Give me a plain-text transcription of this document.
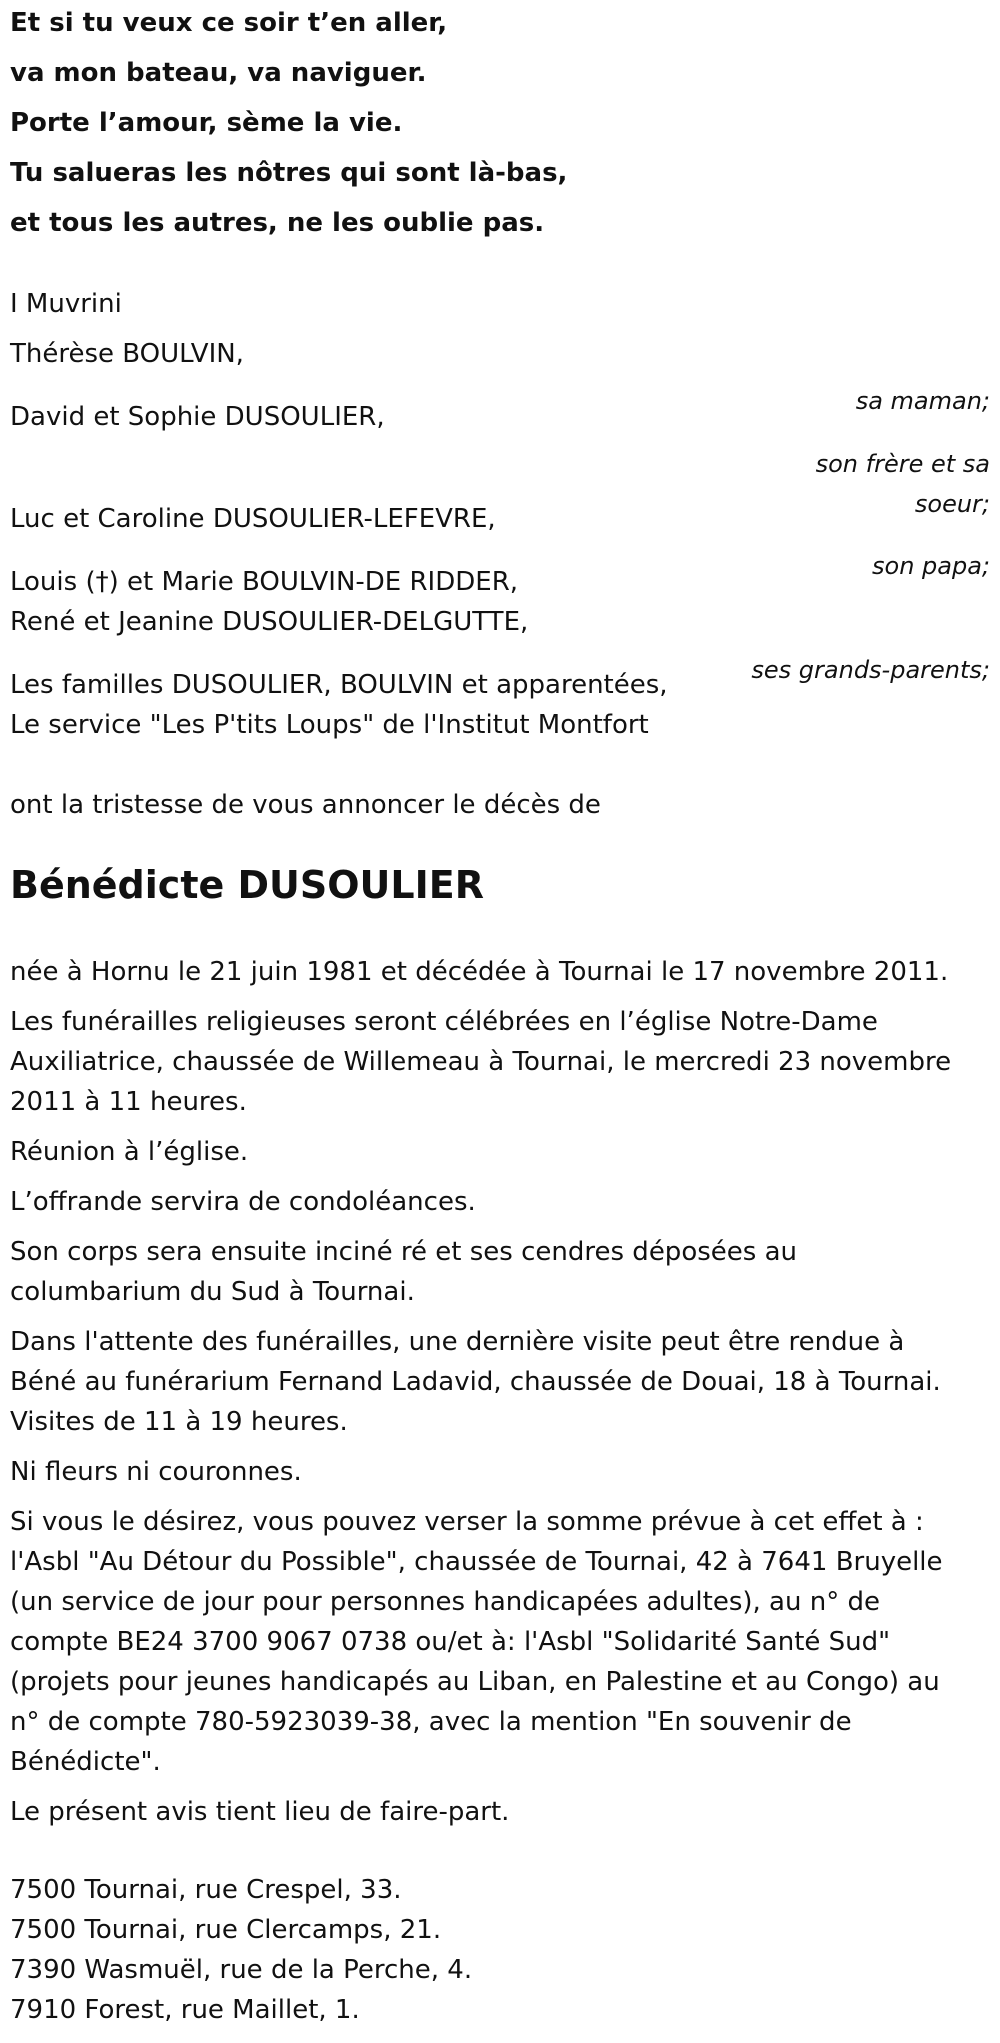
Et si tu veux ce soir t’en aller,

va mon bateau, va naviguer.

Porte l’amour, sème la vie.

Tu salueras les nôtres qui sont là-bas,

et tous les autres, ne les oublie pas.

I Muvrini

Thérèse BOULVIN,

sa maman;

David et Sophie DUSOULIER,

son frère et sa

soeur;

Luc et Caroline DUSOULIER-LEFEVRE,

son papa;

Louis (†) et Marie BOULVIN-DE RIDDER,

René et Jeanine DUSOULIER-DELGUTTE,

ses grands-parents;

Les familles DUSOULIER, BOULVIN et apparentées,

Le service "Les P'tits Loups" de l'Institut Montfort

ont la tristesse de vous annoncer le décès de

Bénédicte DUSOULIER

née à Hornu le 21 juin 1981 et décédée à Tournai le 17 novembre 2011.

Les funérailles religieuses seront célébrées en l’église Notre-Dame

Auxiliatrice, chaussée de Willemeau à Tournai, le mercredi 23 novembre

2011 à 11 heures.

Réunion à l’église.

L’offrande servira de condoléances.

Son corps sera ensuite inciné ré et ses cendres déposées au

columbarium du Sud à Tournai.

Dans l'attente des funérailles, une dernière visite peut être rendue à

Béné au funérarium Fernand Ladavid, chaussée de Douai, 18 à Tournai.

Visites de 11 à 19 heures.

Ni fleurs ni couronnes.

Si vous le désirez, vous pouvez verser la somme prévue à cet effet à :

l'Asbl "Au Détour du Possible", chaussée de Tournai, 42 à 7641 Bruyelle

(un service de jour pour personnes handicapées adultes), au n° de

compte BE24 3700 9067 0738 ou/et à: l'Asbl "Solidarité Santé Sud"

(projets pour jeunes handicapés au Liban, en Palestine et au Congo) au

n° de compte 780-5923039-38, avec la mention "En souvenir de

Bénédicte".

Le présent avis tient lieu de faire-part.

7500 Tournai, rue Crespel, 33.

7500 Tournai, rue Clercamps, 21.

7390 Wasmuël, rue de la Perche, 4.

7910 Forest, rue Maillet, 1.
